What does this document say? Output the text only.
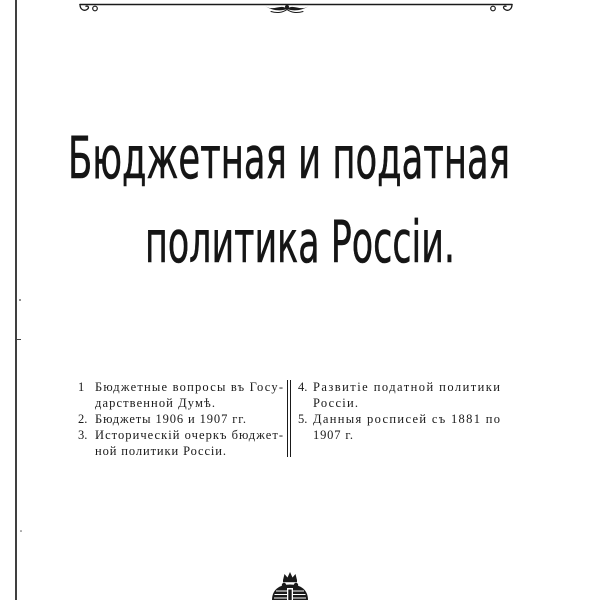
Бюджетная и податная
политика Россіи.
1 Бюджетные вопросы въ Госу-
дарственной Думѣ.
2. Бюджеты 1906 и 1907 гг.
3. Историческій очеркъ бюджет-
ной политики Россіи.
4. Развитіе податной политики
Россіи.
5. Данныя росписей съ 1881 по
1907 г.
